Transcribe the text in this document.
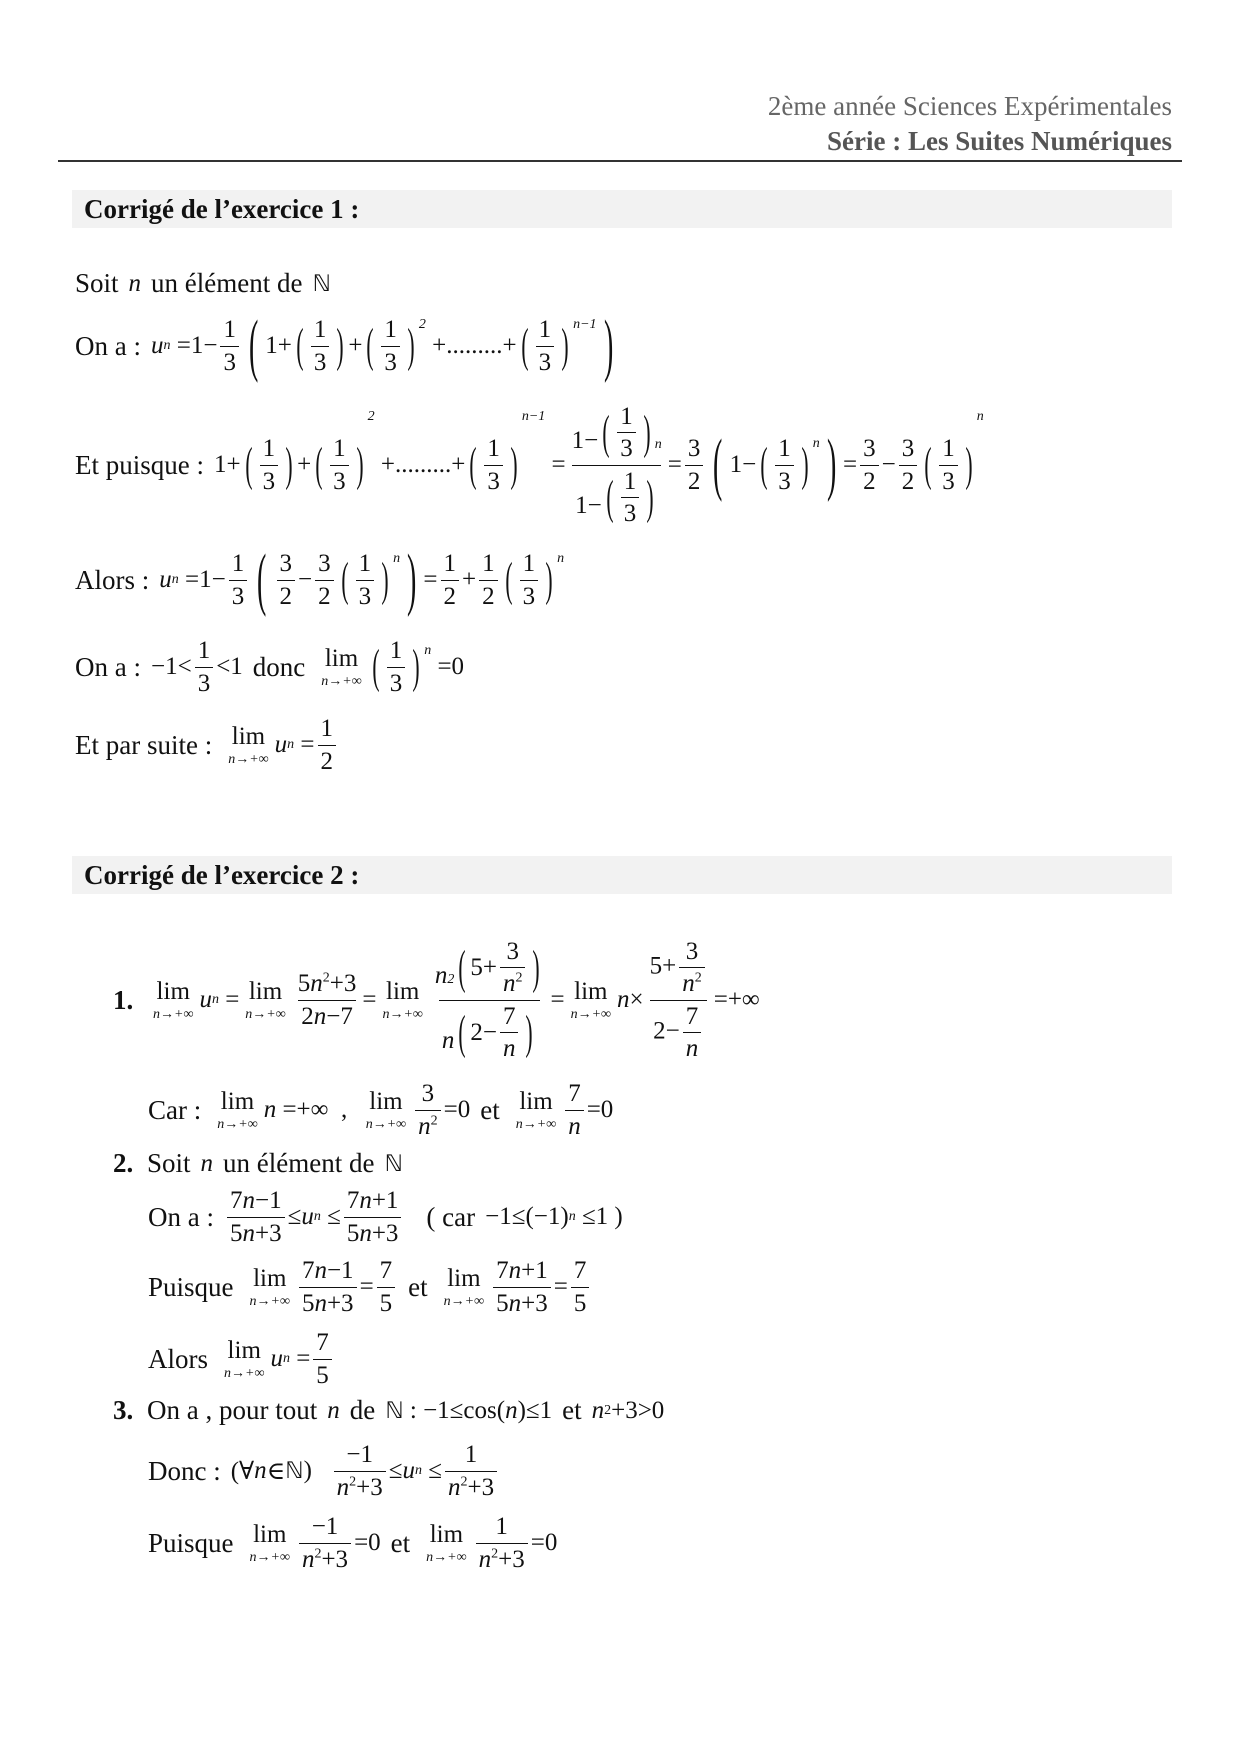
2ème année Sciences Expérimentales
Série : Les Suites Numériques
Corrigé de l’exercice 1 :
Soit n un élément de ℕ
On a : u $n =1- \frac{1}{3}$ ( 1+ ( $\frac{1}{3}$ ) + ( $\frac{1}{3}$ ) 2
+.........+ ( $\frac{1}{3}$ ) n−1 )
Et puisque : 1+ ( $\frac{1}{3}$ ) + ( $\frac{1}{3}$ )
2
+.........+ ( $\frac{1}{3}$ )
n−1
= $\frac{1- ( \frac{1}{3} ) n}{1- ( \frac{1}{3} )} = \frac{3}{2}$ ( 1− ( $\frac{1}{3}$ ) n ) = $\frac{3}{2} - \frac{3}{2}$ ( $\frac{1}{3}$ )
n
Alors : u $n =1- \frac{1}{3}$ ( $\frac{3}{2} - \frac{3}{2}$ ( $\frac{1}{3}$ ) n ) = $\frac{1}{2} + \frac{1}{2}$ ( $\frac{1}{3}$ ) n
On a : $-1< \frac{1}{3} <1$ donc lim
n→+∞ ( $\frac{1}{3}$ ) n
=0
Et par suite : lim
n→+∞
u $n = \frac{1}{2}$
Corrigé de l’exercice 2 :
1. lim
n→+∞
u n = lim
$n\to+\infty \frac{5n^2+3}{2n-7} = \lim$
$n\to+\infty \frac{n2 ( 5+ \frac{3}{n^2} )}{n ( 2- \frac{7}{n} )} = \lim$
n→+∞
$n \times \frac{5+ \frac{3}{n^2}}{2- \frac{7}{n}}$ =+∞
Car : lim
n→+∞
n =+∞  , lim
$n\to+\infty \frac{3}{n^2} =0$ et lim
$n\to+\infty \frac{7}{n} =0$
2. Soit n un élément de ℕ
On a : $\frac{7n-1}{5n+3} \le u$ $n \le \frac{7n+1}{5n+3}$ ( car −1≤(−1) n ≤1 )
Puisque lim
$n\to+\infty \frac{7n-1}{5n+3} = \frac{7}{5}$ et lim
$n\to+\infty \frac{7n+1}{5n+3} = \frac{7}{5}$
Alors lim
n→+∞
u $n = \frac{7}{5}$
3. On a , pour tout n de ℕ : −1≤cos( n )≤1 et n 2 +3>0
Donc : (∀ n ∈ ℕ ) $\frac{-1}{n^2+3} \le u$ $n \le \frac{1}{n^2+3}$
Puisque lim
$n\to+\infty \frac{-1}{n^2+3} =0$ et lim
$n\to+\infty \frac{1}{n^2+3} =0$
